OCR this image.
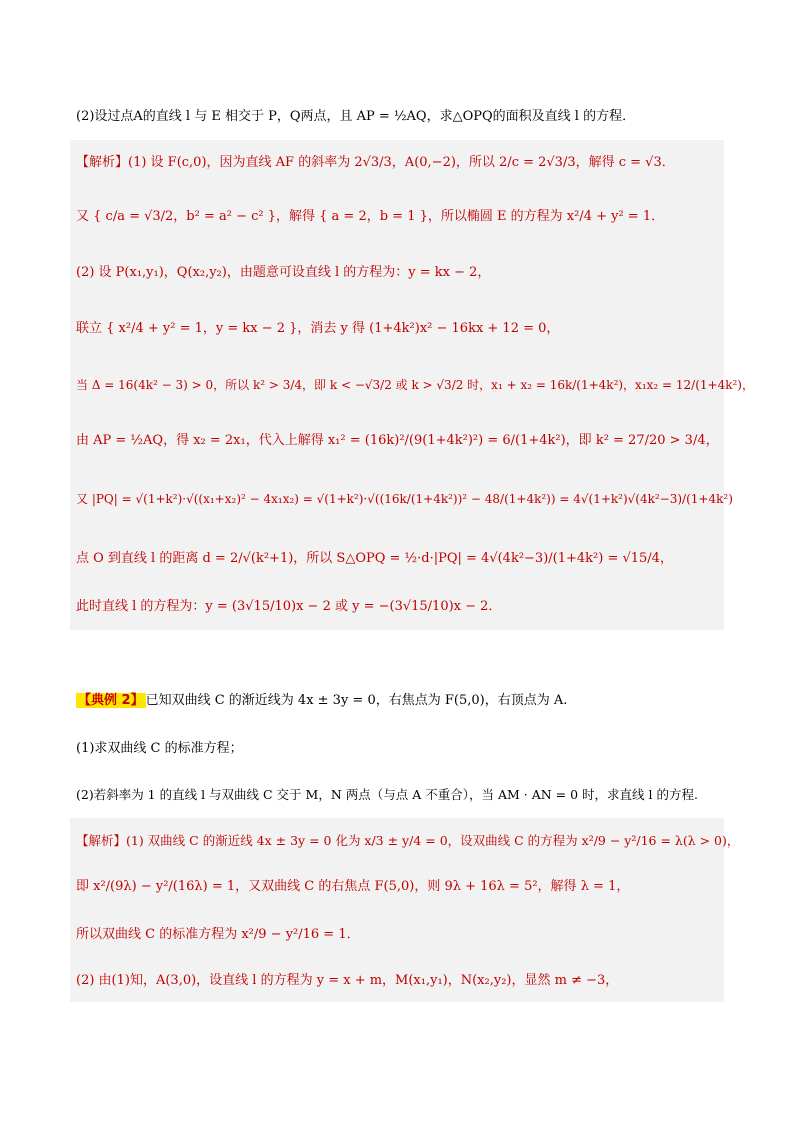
(2)设过点A的直线 l 与 E 相交于 P，Q两点，且 AP = ½AQ，求△OPQ的面积及直线 l 的方程．
【解析】(1) 设 F(c,0)，因为直线 AF 的斜率为 2√3/3，A(0,−2)，所以 2/c = 2√3/3，解得 c = √3．
又 { c/a = √3/2，b² = a² − c² }，解得 { a = 2，b = 1 }，所以椭圆 E 的方程为 x²/4 + y² = 1．
(2) 设 P(x₁,y₁)，Q(x₂,y₂)，由题意可设直线 l 的方程为：y = kx − 2，
联立 { x²/4 + y² = 1，y = kx − 2 }，消去 y 得 (1+4k²)x² − 16kx + 12 = 0，
当 Δ = 16(4k² − 3) > 0，所以 k² > 3/4，即 k < −√3/2 或 k > √3/2 时，x₁ + x₂ = 16k/(1+4k²)，x₁x₂ = 12/(1+4k²)，
由 AP = ½AQ，得 x₂ = 2x₁，代入上解得 x₁² = (16k)²/(9(1+4k²)²) = 6/(1+4k²)，即 k² = 27/20 > 3/4，
又 |PQ| = √(1+k²)·√((x₁+x₂)² − 4x₁x₂) = √(1+k²)·√((16k/(1+4k²))² − 48/(1+4k²)) = 4√(1+k²)√(4k²−3)/(1+4k²)
点 O 到直线 l 的距离 d = 2/√(k²+1)，所以 S△OPQ = ½·d·|PQ| = 4√(4k²−3)/(1+4k²) = √15/4，
此时直线 l 的方程为：y = (3√15/10)x − 2 或 y = −(3√15/10)x − 2．
【典例 2】 已知双曲线 C 的渐近线为 4x ± 3y = 0，右焦点为 F(5,0)，右顶点为 A.
(1)求双曲线 C 的标准方程；
(2)若斜率为 1 的直线 l 与双曲线 C 交于 M，N 两点（与点 A 不重合），当 AM · AN = 0 时，求直线 l 的方程.
【解析】(1) 双曲线 C 的渐近线 4x ± 3y = 0 化为 x/3 ± y/4 = 0，设双曲线 C 的方程为 x²/9 − y²/16 = λ(λ > 0)，
即 x²/(9λ) − y²/(16λ) = 1，又双曲线 C 的右焦点 F(5,0)，则 9λ + 16λ = 5²，解得 λ = 1，
所以双曲线 C 的标准方程为 x²/9 − y²/16 = 1．
(2) 由(1)知，A(3,0)，设直线 l 的方程为 y = x + m，M(x₁,y₁)，N(x₂,y₂)，显然 m ≠ −3，
